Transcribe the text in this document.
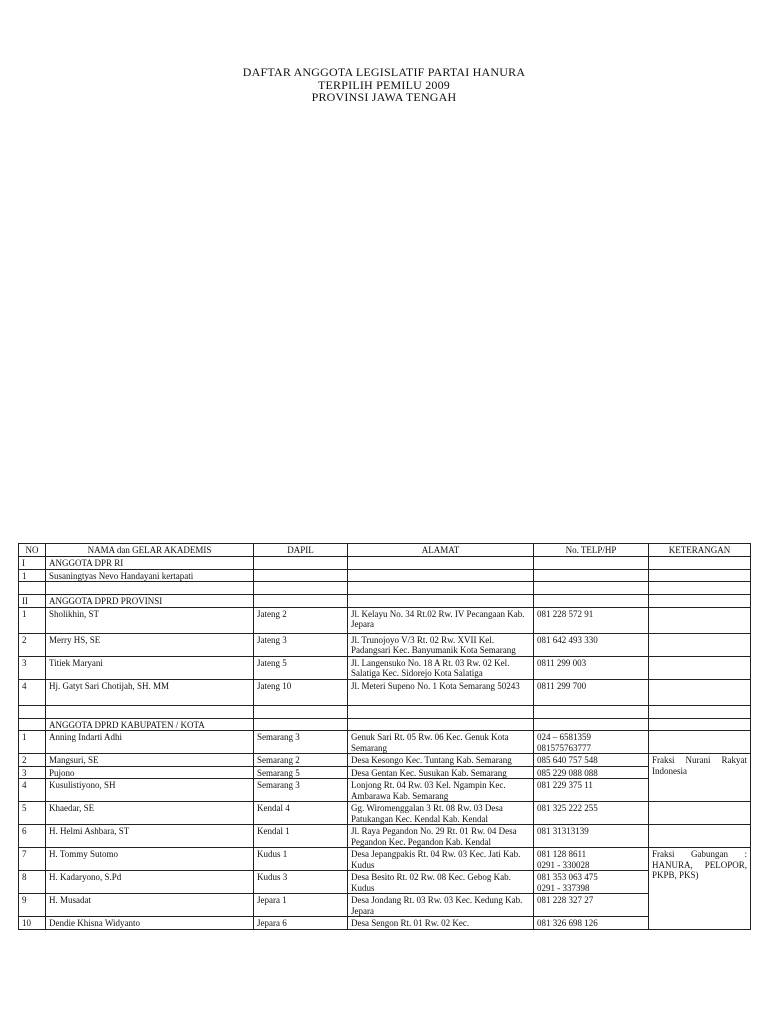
DAFTAR ANGGOTA LEGISLATIF PARTAI HANURA
TERPILIH PEMILU 2009
PROVINSI JAWA TENGAH
NO	NAMA dan GELAR AKADEMIS	DAPIL	ALAMAT	No. TELP/HP	KETERANGAN
I	ANGGOTA DPR RI				
1	Susaningtyas Nevo Handayani kertapati				

II	ANGGOTA DPRD PROVINSI				
1	Sholikhin, ST	Jateng 2	Jl. Kelayu No. 34 Rt.02 Rw. IV Pecangaan Kab. Jepara	081 228 572 91	
2	Merry HS, SE	Jateng 3	Jl. Trunojoyo V/3 Rt. 02 Rw. XVII Kel. Padangsari Kec. Banyumanik Kota Semarang	081 642 493 330	
3	Titiek Maryani	Jateng 5	Jl. Langensuko No. 18 A Rt. 03 Rw. 02 Kel. Salatiga Kec. Sidorejo Kota Salatiga	0811 299 003	
4	Hj. Gatyt Sari Chotijah, SH. MM	Jateng 10	Jl. Meteri Supeno No. 1 Kota Semarang 50243	0811 299 700	

	ANGGOTA DPRD KABUPATEN / KOTA				
1	Anning Indarti Adhi	Semarang 3	Genuk Sari Rt. 05 Rw. 06 Kec. Genuk Kota Semarang	024 – 6581359
081575763777	
2	Mangsuri, SE	Semarang 2	Desa Kesongo Kec. Tuntang Kab. Semarang	085 640 757 548	Fraksi Nurani Rakyat Indonesia
3	Pujono	Semarang 5	Desa Gentan Kec. Susukan Kab. Semarang	085 229 088 088	
4	Kusulistiyono, SH	Semarang 3	Lonjong Rt. 04 Rw. 03 Kel. Ngampin Kec. Ambarawa Kab. Semarang	081 229 375 11	
5	Khaedar, SE	Kendal 4	Gg. Wiromenggalan 3 Rt. 08 Rw. 03 Desa Patukangan Kec. Kendal Kab. Kendal	081 325 222 255	
6	H. Helmi Ashbara, ST	Kendal 1	Jl. Raya Pegandon No. 29 Rt. 01 Rw. 04 Desa Pegandon Kec. Pegandon Kab. Kendal	081 31313139	
7	H. Tommy Sutomo	Kudus 1	Desa Jepangpakis Rt. 04 Rw. 03 Kec. Jati Kab. Kudus	081 128 8611
0291 - 330028	Fraksi Gabungan : HANURA, PELOPOR, PKPB, PKS)
8	H. Kadaryono, S.Pd	Kudus 3	Desa Besito Rt. 02 Rw. 08 Kec. Gebog Kab. Kudus	081 353 063 475
0291 - 337398	
9	H. Musadat	Jepara 1	Desa Jondang Rt. 03 Rw. 03 Kec. Kedung Kab. Jepara	081 228 327 27	
10	Dendie Khisna Widyanto	Jepara 6	Desa Sengon Rt. 01 Rw. 02 Kec.	081 326 698 126	
